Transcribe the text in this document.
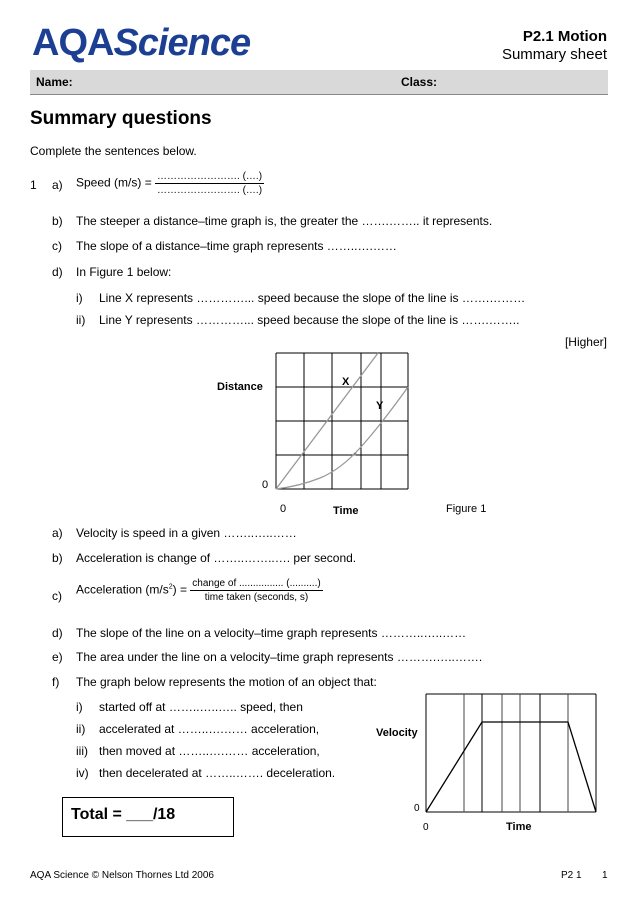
AQAScience	P2.1 Motion
Summary sheet
Name:	Class:
Summary questions
Complete the sentences below.
1 a) Speed $(m/s) = \frac{\dots\dots\dots\dots\dots\dots\dots\dots. (\dots.)}{\dots\dots\dots\dots\dots\dots\dots\dots. (\dots.)}$
b) The steeper a distance–time graph is, the greater the …….…….. it represents.
c) The slope of a distance–time graph represents ……..….……
d) In Figure 1 below:
i) Line X represents …………... speed because the slope of the line is …….………
ii) Line Y represents …………... speed because the slope of the line is …….……..
[Higher]
Distance
0
0	Time
X
Y
Figure 1
a) Velocity is speed in a given ……..…..……
b) Acceleration is change of ……..……..…. per second.
c) Acceleration $(m/s^2) = \frac{\text{change of ................ (..........)}}{\text{time taken (seconds, s)}}$
d) The slope of the line on a velocity–time graph represents ………..…..……
e) The area under the line on a velocity–time graph represents ……….…..…….
f) The graph below represents the motion of an object that:
i) started off at ……..…..….. speed, then
ii) accelerated at ……..….…… acceleration,
iii) then moved at ……..….…… acceleration,
iv) then decelerated at ……..……. deceleration.
Velocity
0
0	Time
Total = ___/18
AQA Science © Nelson Thornes Ltd 2006	P2 1 1
